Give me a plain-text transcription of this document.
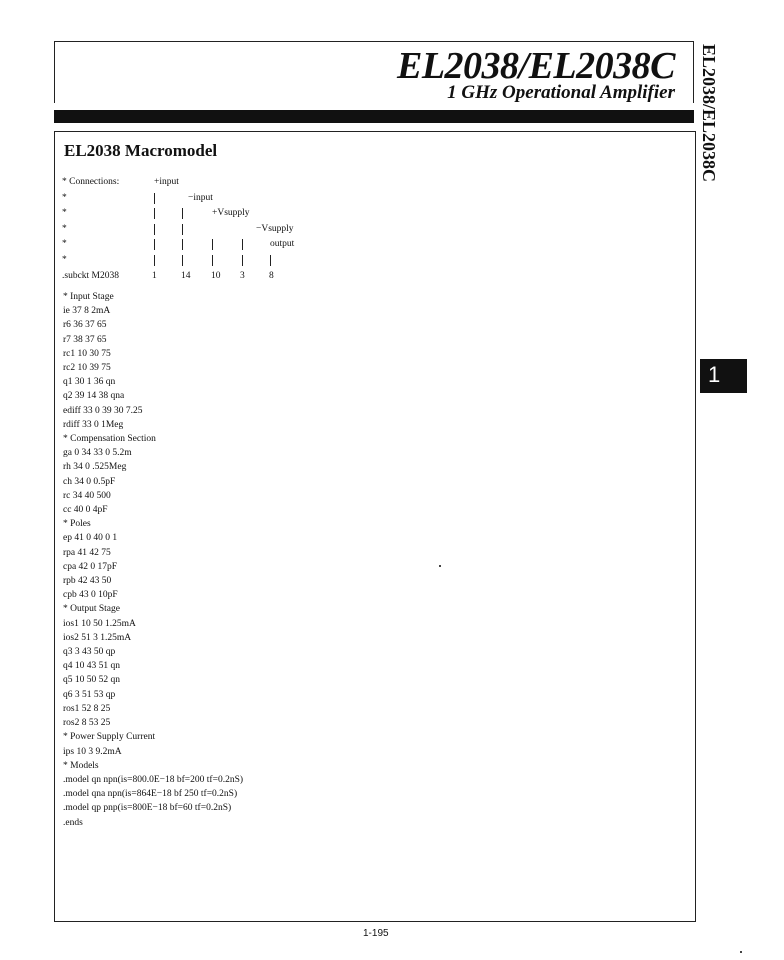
EL2038/EL2038C
1 GHz Operational Amplifier EL2038/EL2038C
1
EL2038 Macromodel
* Connections:
*
*
*
*
*
+input
−input
+Vsupply
−Vsupply
output
.subckt M2038	1	14 10 3	8
* Input Stage
ie 37 8 2mA
r6 36 37 65
r7 38 37 65
rc1 10 30 75
rc2 10 39 75
q1 30 1 36 qn
q2 39 14 38 qna
ediff 33 0 39 30 7.25
rdiff 33 0 1Meg
* Compensation Section
ga 0 34 33 0 5.2m
rh 34 0 .525Meg
ch 34 0 0.5pF
rc 34 40 500
cc 40 0 4pF
* Poles
ep 41 0 40 0 1
rpa 41 42 75
cpa 42 0 17pF
rpb 42 43 50
cpb 43 0 10pF
* Output Stage
ios1 10 50 1.25mA
ios2 51 3 1.25mA
q3 3 43 50 qp
q4 10 43 51 qn
q5 10 50 52 qn
q6 3 51 53 qp
ros1 52 8 25
ros2 8 53 25
* Power Supply Current
ips 10 3 9.2mA
* Models
.model qn npn(is=800.0E−18 bf=200 tf=0.2nS)
.model qna npn(is=864E−18 bf 250 tf=0.2nS)
.model qp pnp(is=800E−18 bf=60 tf=0.2nS)
.ends
1-195
